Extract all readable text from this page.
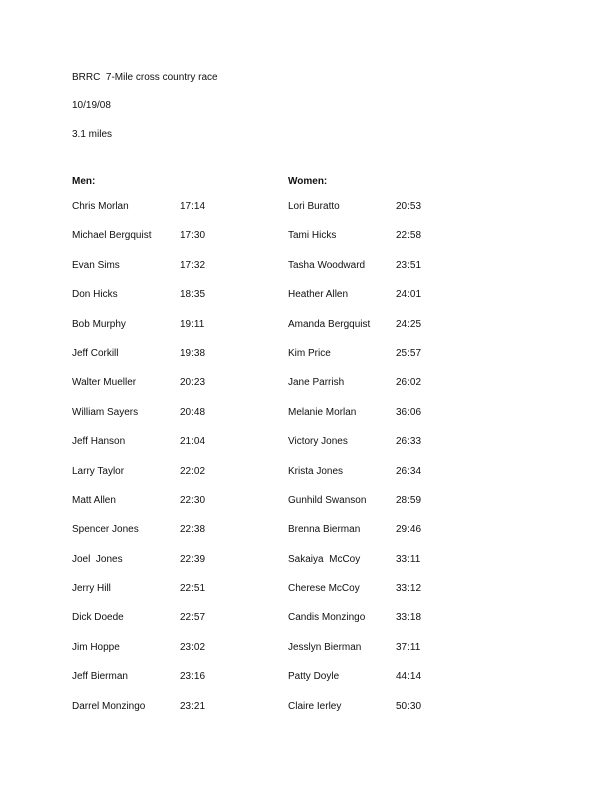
BRRC  7-Mile cross country race
10/19/08
3.1 miles
Men:	Women:
Chris Morlan	17:14
Michael Bergquist	17:30
Evan Sims	17:32
Don Hicks	18:35
Bob Murphy	19:11
Jeff Corkill	19:38
Walter Mueller	20:23
William Sayers	20:48
Jeff Hanson	21:04
Larry Taylor	22:02
Matt Allen	22:30
Spencer Jones	22:38
Joel  Jones	22:39
Jerry Hill	22:51
Dick Doede	22:57
Jim Hoppe	23:02
Jeff Bierman	23:16
Darrel Monzingo	23:21
Lori Buratto	20:53
Tami Hicks	22:58
Tasha Woodward	23:51
Heather Allen	24:01
Amanda Bergquist	24:25
Kim Price	25:57
Jane Parrish	26:02
Melanie Morlan	36:06
Victory Jones	26:33
Krista Jones	26:34
Gunhild Swanson	28:59
Brenna Bierman	29:46
Sakaiya  McCoy	33:11
Cherese McCoy	33:12
Candis Monzingo	33:18
Jesslyn Bierman	37:11
Patty Doyle	44:14
Claire Ierley	50:30
